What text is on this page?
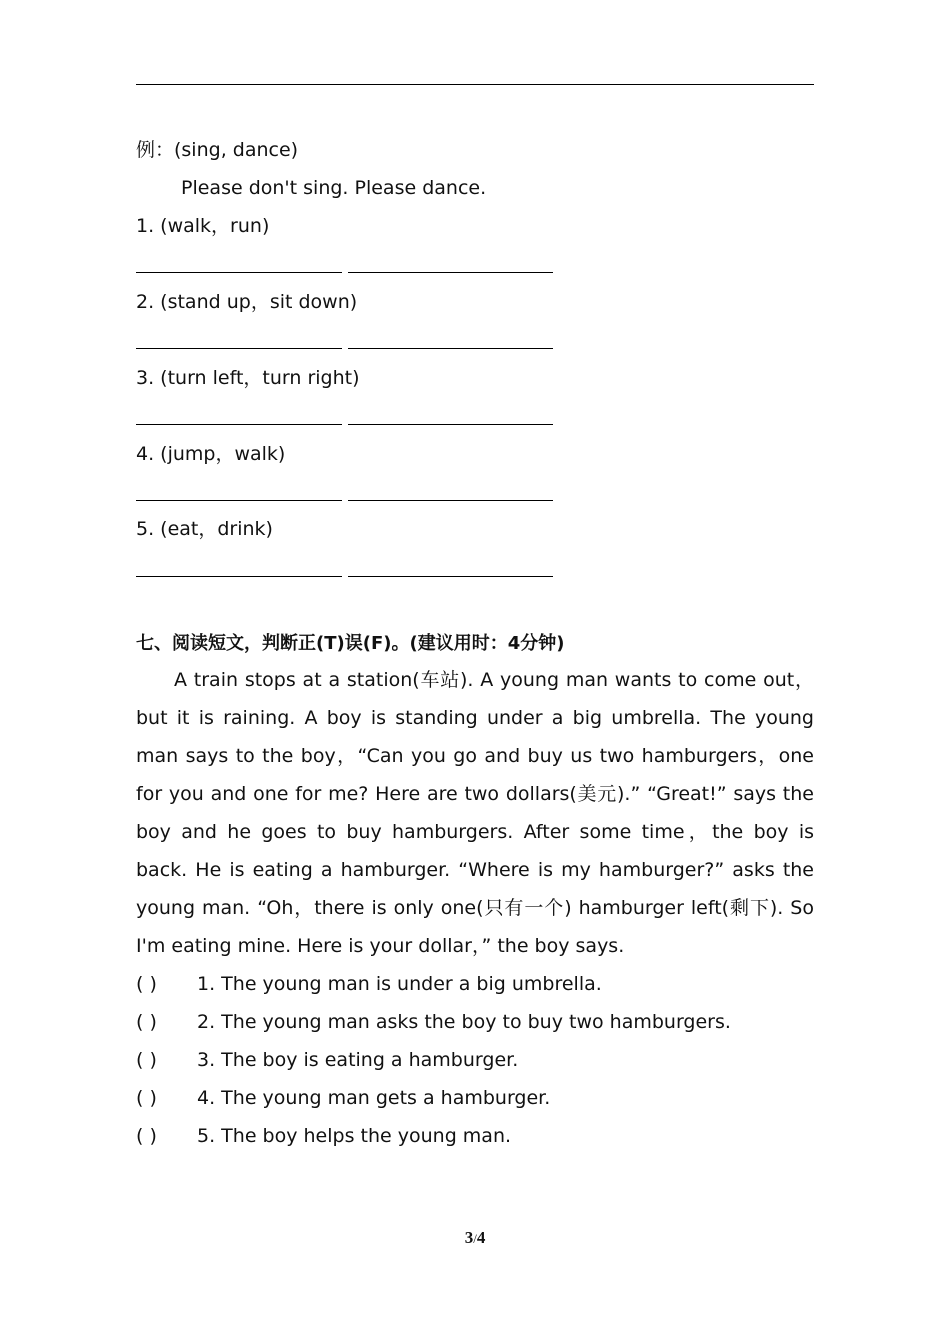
例：(sing, dance)
Please don't sing. Please dance.
1. (walk，run)
2. (stand up，sit down)
3. (turn left，turn right)
4. (jump，walk)
5. (eat，drink)
七、阅读短文，判断正(T)误(F)。(建议用时：4分钟)
A train stops at a station(车站). A young man wants to come out，but it is raining. A boy is standing under a big umbrella. The young man says to the boy，“Can you go and buy us two hamburgers，one for you and one for me? Here are two dollars(美元).” “Great!” says the boy and he goes to buy hamburgers. After some time，the boy is back. He is eating a hamburger. “Where is my hamburger?” asks the young man. “Oh，there is only one(只有一个) hamburger left(剩下). So I'm eating mine. Here is your dollar，” the boy says.
( ) 1. The young man is under a big umbrella.
( ) 2. The young man asks the boy to buy two hamburgers.
( ) 3. The boy is eating a hamburger.
( ) 4. The young man gets a hamburger.
( ) 5. The boy helps the young man.
3/4
